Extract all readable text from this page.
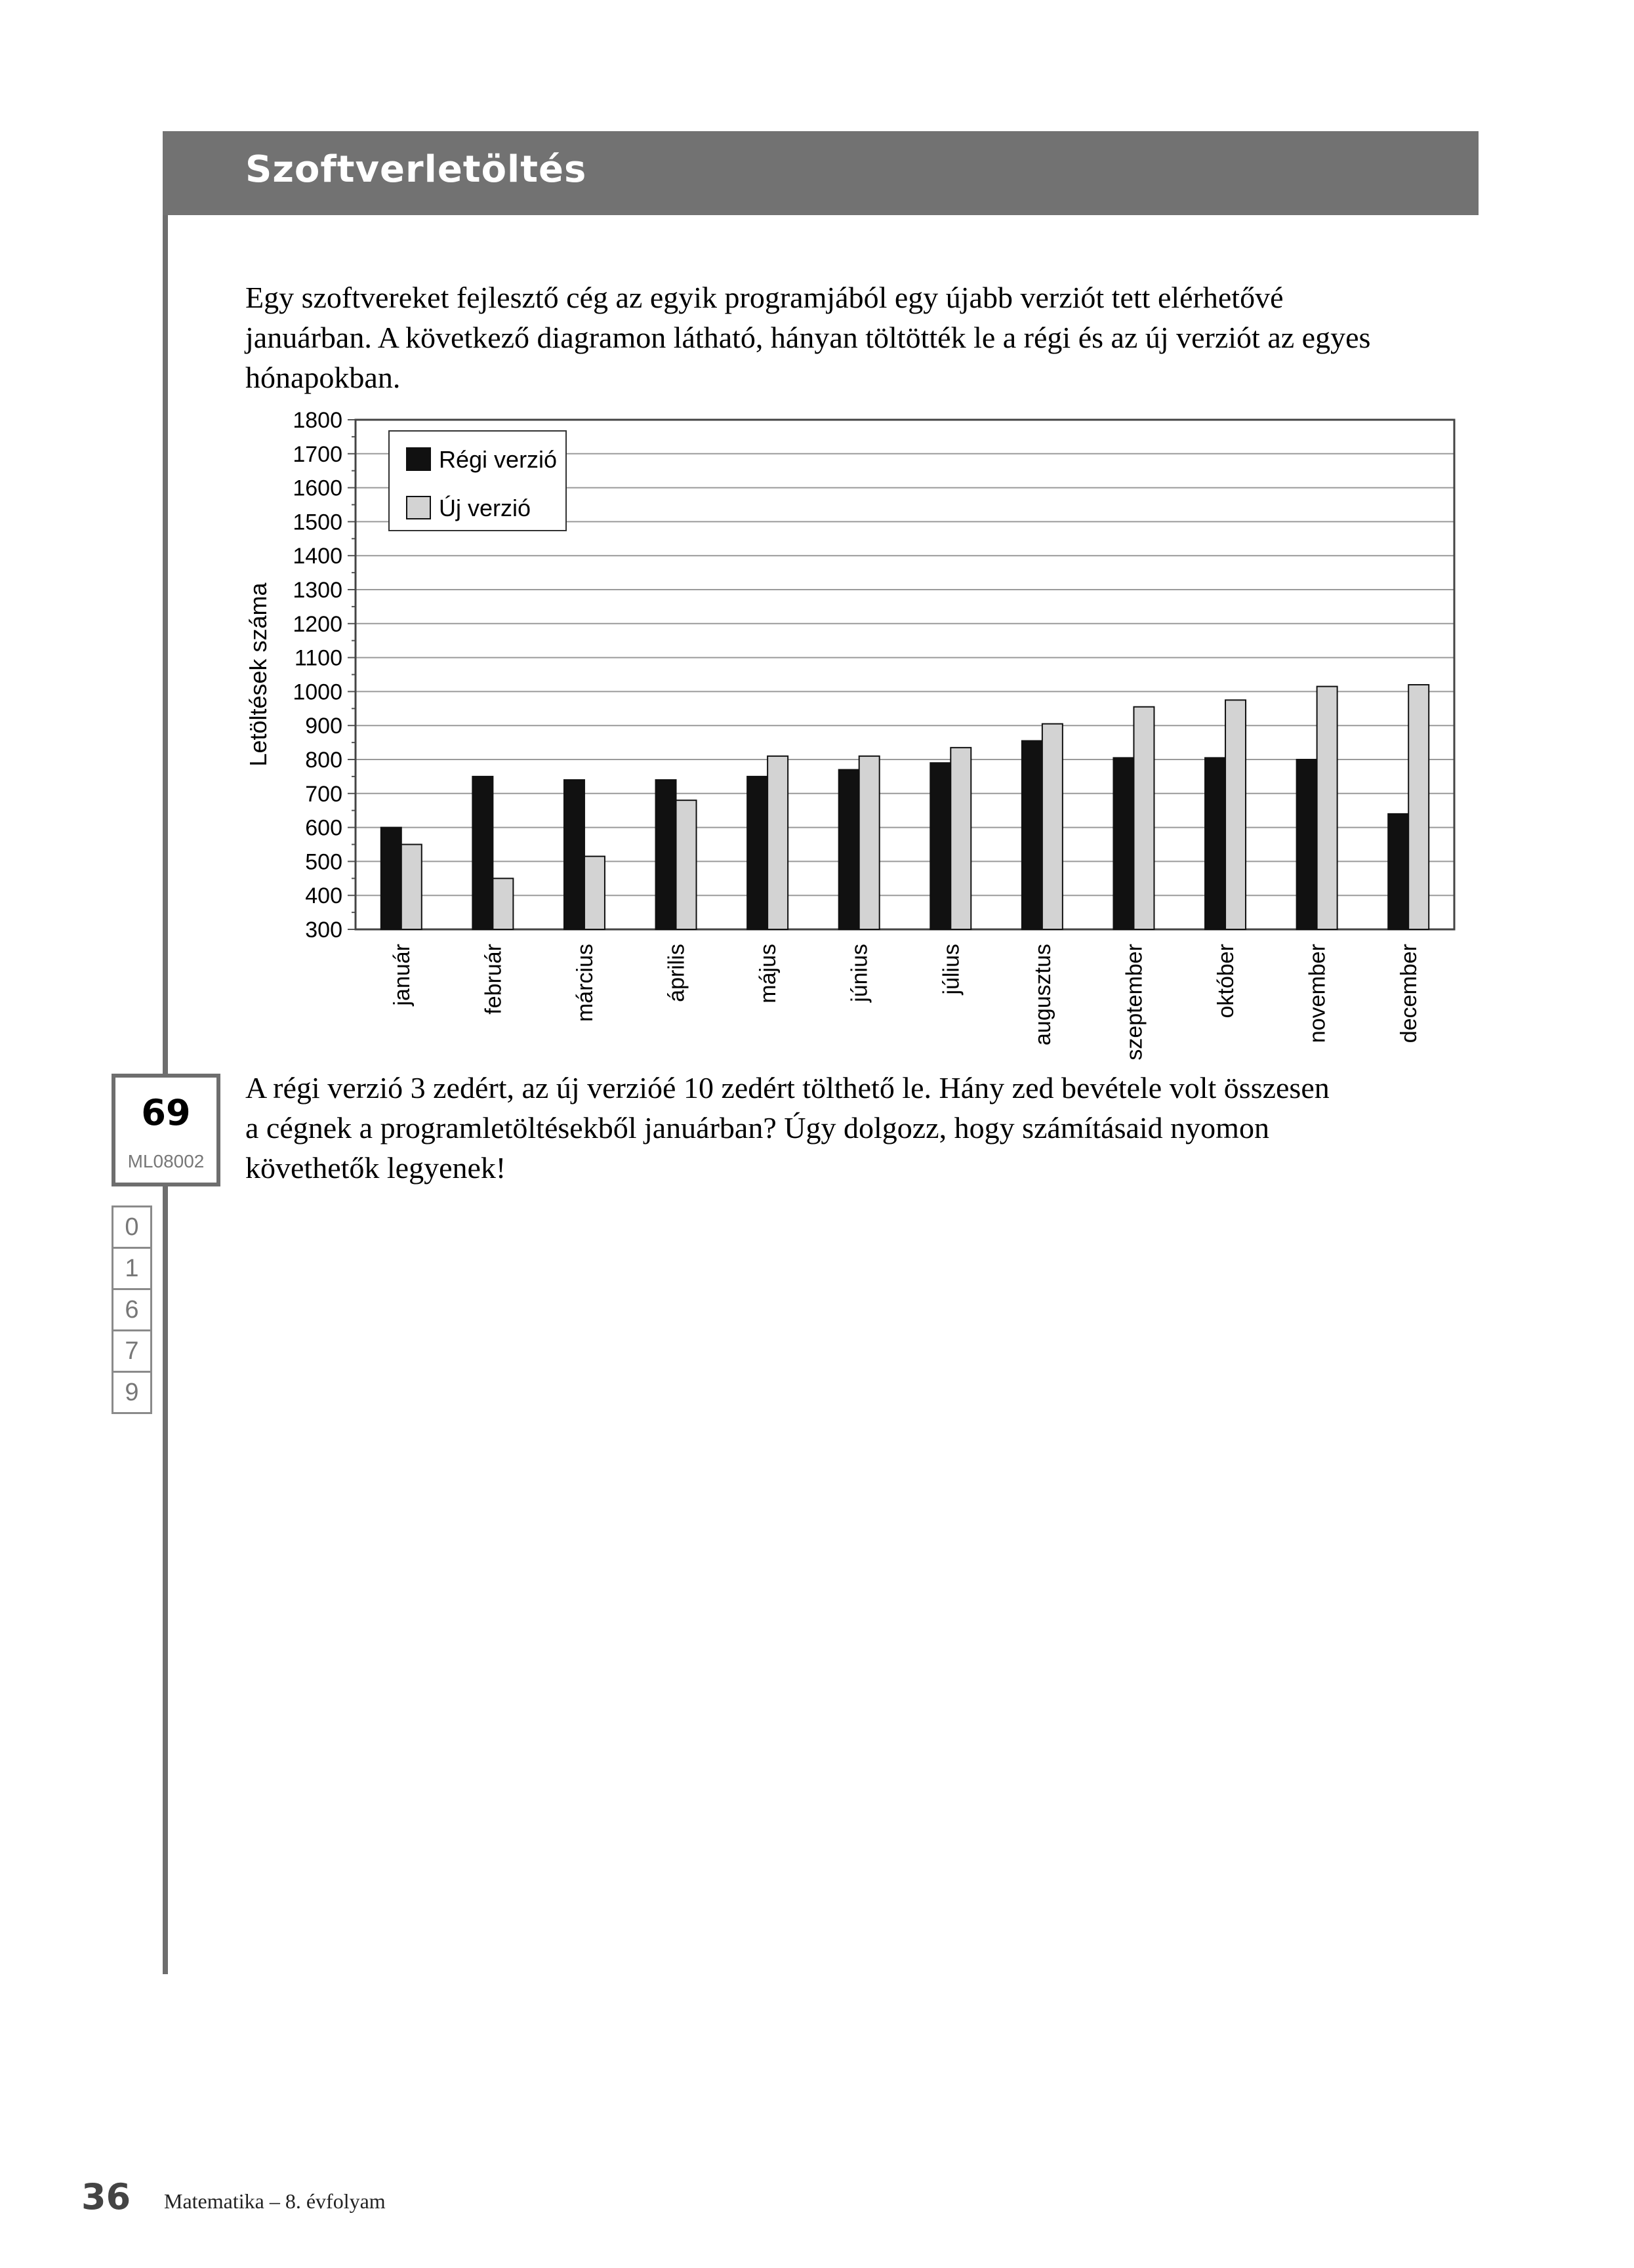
Szoftverletöltés
Egy szoftvereket fejlesztő cég az egyik programjából egy újabb verziót tett elérhetővé
januárban. A következő diagramon látható, hányan töltötték le a régi és az új verziót az egyes
hónapokban.
300
400
500
600
700
800
900
1000
1100
1200
1300
1400
1500
1600
1700
1800
Letöltések száma
január	február	március	április	május	június	július	augusztus	szeptember	október	november	december
Régi verzió
Új verzió
69
ML08002
0
1
6
7
9
A régi verzió 3 zedért, az új verzióé 10 zedért tölthető le. Hány zed bevétele volt összesen
a cégnek a programletöltésekből januárban? Úgy dolgozz, hogy számításaid nyomon
követhetők legyenek!
36 Matematika – 8. évfolyam
